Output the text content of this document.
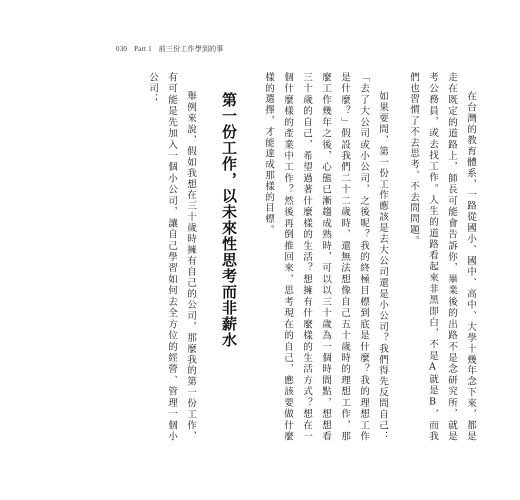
030 Part 1 前三份工作學到的事
在台灣的教育體系，一路從國小、國中、高中、大學十幾年念下來，都是走在既定的道路上，師長可能會告訴你，畢業後的出路不是念研究所，就是考公務員，或去找工作。人生的道路看起來非黑即白，不是A就是B，而我們也習慣了不去思考、不去問問題。
如果要問，第一份工作應該是去大公司還是小公司？我們得先反問自己：「去了大公司或小公司，之後呢？我的終極目標到底是什麼？我的理想工作是什麼？」假設我們二十二歲時，還無法想像自己五十歲時的理想工作，那麼工作幾年之後，心態已漸趨成熟時，可以以三十歲為一個時間點，想想看三十歲的自己，希望過著什麼樣的生活？想擁有什麼樣的生活方式？想在一個什麼樣的產業中工作？然後再倒推回來，思考現在的自己，應該要做什麼樣的選擇，才能達成那樣的目標。
第一份工作，以未來性思考而非薪水
舉例來說，假如我想在三十歲時擁有自己的公司，那麼我的第一份工作，有可能是先加入一個小公司，讓自己學習如何去全方位的經營、管理一個小公司；
